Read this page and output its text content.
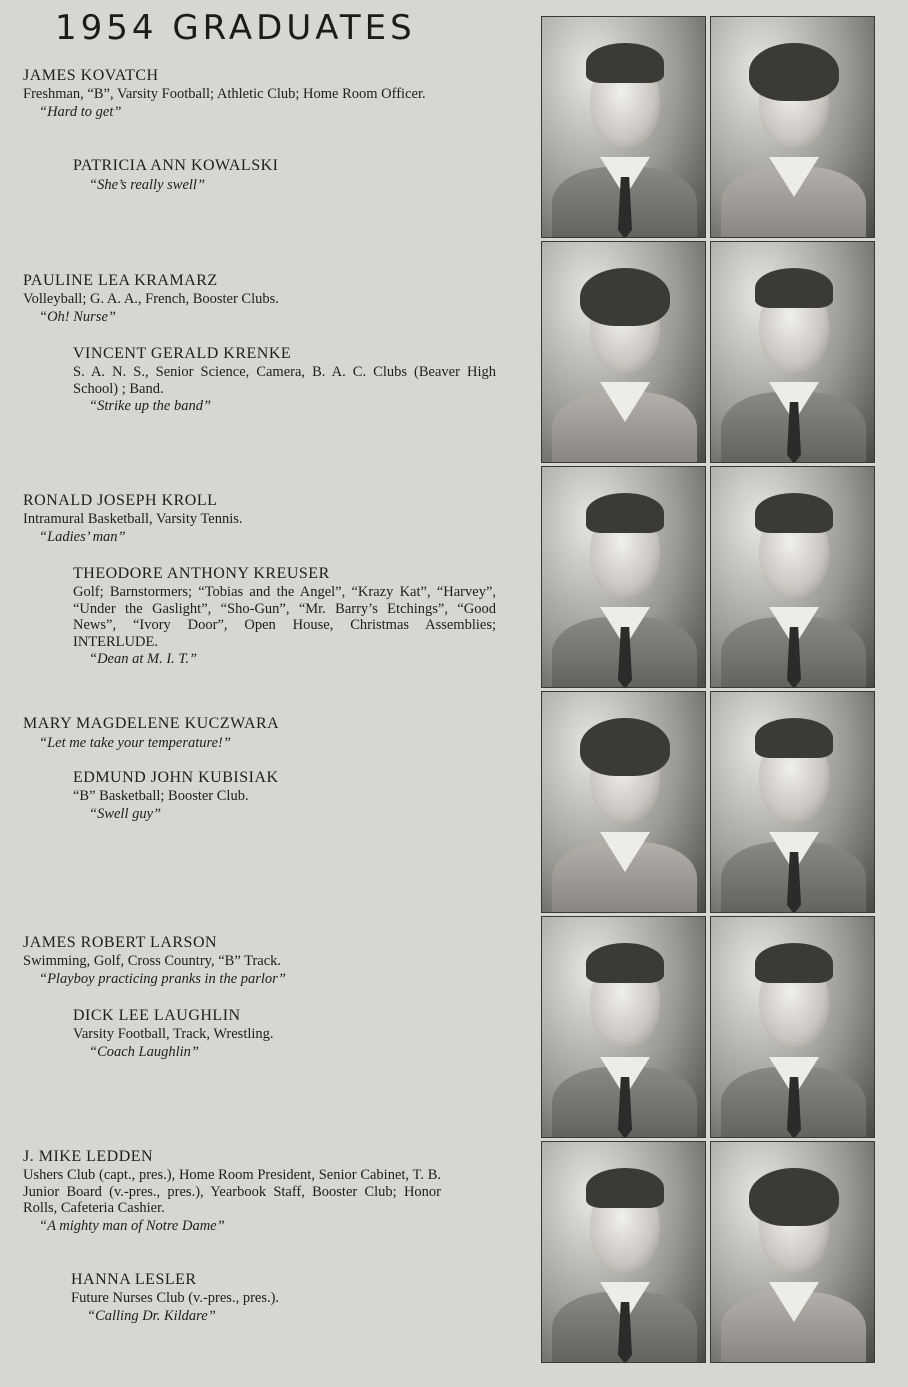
1954 GRADUATES
JAMES KOVATCH
Freshman, “B”, Varsity Football; Athletic Club; Home Room Officer.
“Hard to get”
PATRICIA ANN KOWALSKI
“She’s really swell”
PAULINE LEA KRAMARZ
Volleyball; G. A. A., French, Booster Clubs.
“Oh! Nurse”
VINCENT GERALD KRENKE
S. A. N. S., Senior Science, Camera, B. A. C. Clubs (Beaver High School) ; Band.
“Strike up the band”
RONALD JOSEPH KROLL
Intramural Basketball, Varsity Tennis.
“Ladies’ man”
THEODORE ANTHONY KREUSER
Golf; Barnstormers; “Tobias and the Angel”, “Krazy Kat”, “Harvey”, “Under the Gaslight”, “Sho-Gun”, “Mr. Barry’s Etchings”, “Good News”, “Ivory Door”, Open House, Christmas Assemblies; INTERLUDE.
“Dean at M. I. T.”
MARY MAGDELENE KUCZWARA
“Let me take your temperature!”
EDMUND JOHN KUBISIAK
“B” Basketball; Booster Club.
“Swell guy”
JAMES ROBERT LARSON
Swimming, Golf, Cross Country, “B” Track.
“Playboy practicing pranks in the parlor”
DICK LEE LAUGHLIN
Varsity Football, Track, Wrestling.
“Coach Laughlin”
J. MIKE LEDDEN
Ushers Club (capt., pres.), Home Room President, Senior Cabinet, T. B. Junior Board (v.-pres., pres.), Yearbook Staff, Booster Club; Honor Rolls, Cafeteria Cashier.
“A mighty man of Notre Dame”
HANNA LESLER
Future Nurses Club (v.-pres., pres.).
“Calling Dr. Kildare”
